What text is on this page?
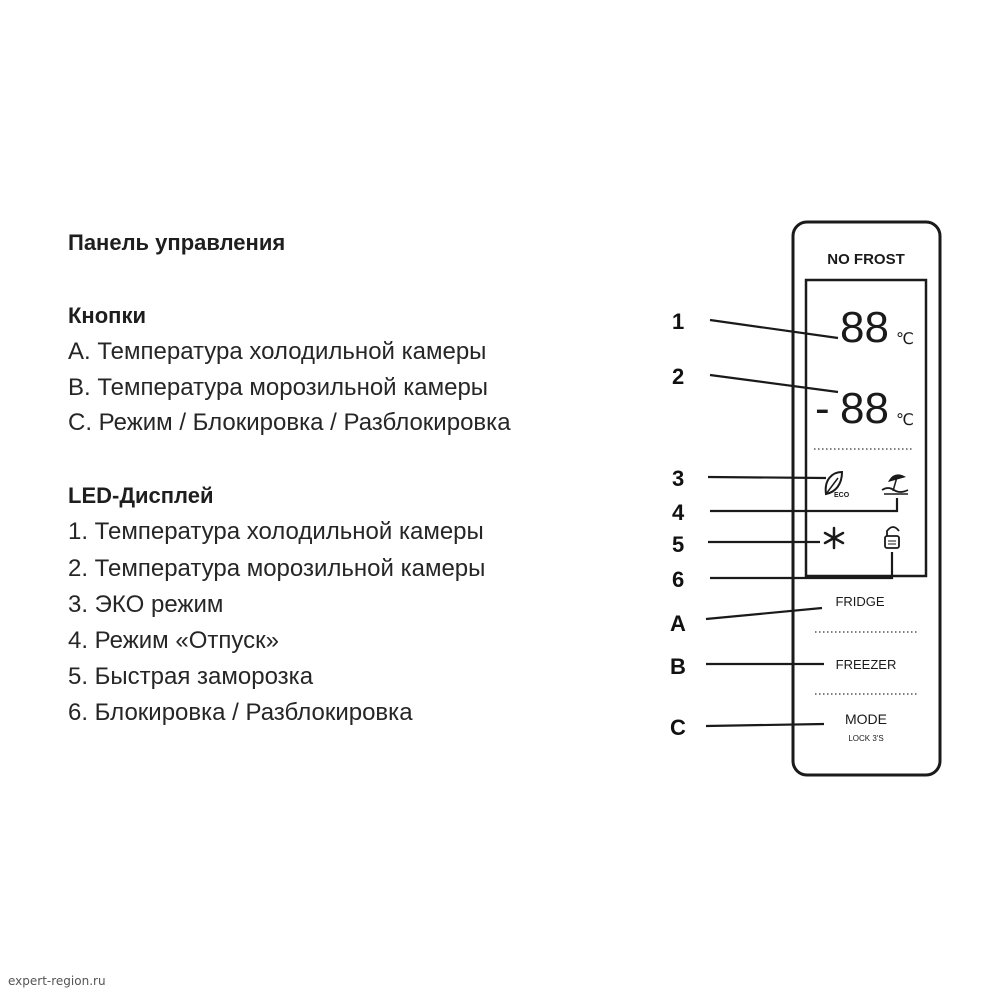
Панель управления
Кнопки
A. Температура холодильной камеры
B. Температура морозильной камеры
C. Режим / Блокировка / Разблокировка
LED-Дисплей
1. Температура холодильной камеры
2. Температура морозильной камеры
3. ЭКО режим
4. Режим «Отпуск»
5. Быстрая заморозка
6. Блокировка / Разблокировка
NO FROST
88 ℃
- 88 ℃
ECO
FRIDGE
FREEZER
MODE
LOCK 3'S
1
2
3
4
5
6
A
B
C
expert-region.ru
